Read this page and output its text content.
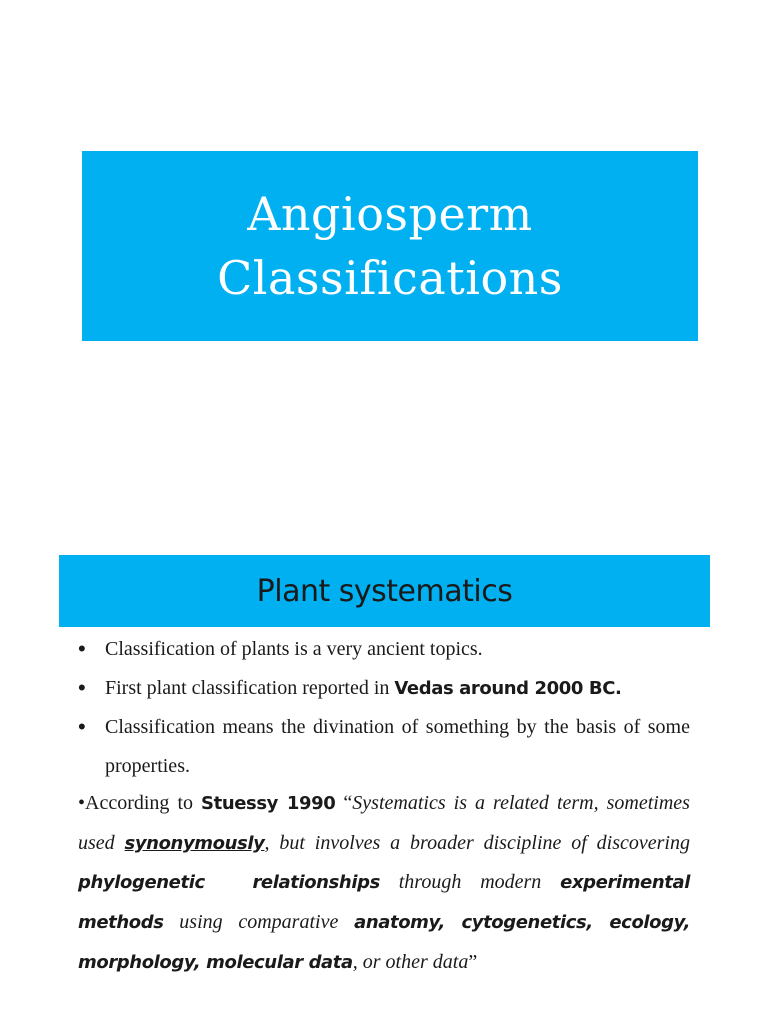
Angiosperm
Classifications
Plant systematics
• Classification of plants is a very ancient topics.
• First plant classification reported in Vedas around 2000 BC.
• Classification means the divination of something by the basis of some properties.
•According to Stuessy 1990 “Systematics is a related term, sometimes used synonymously, but involves a broader discipline of discovering phylogenetic relationships through modern experimental methods using comparative anatomy, cytogenetics, ecology, morphology, molecular data, or other data”
